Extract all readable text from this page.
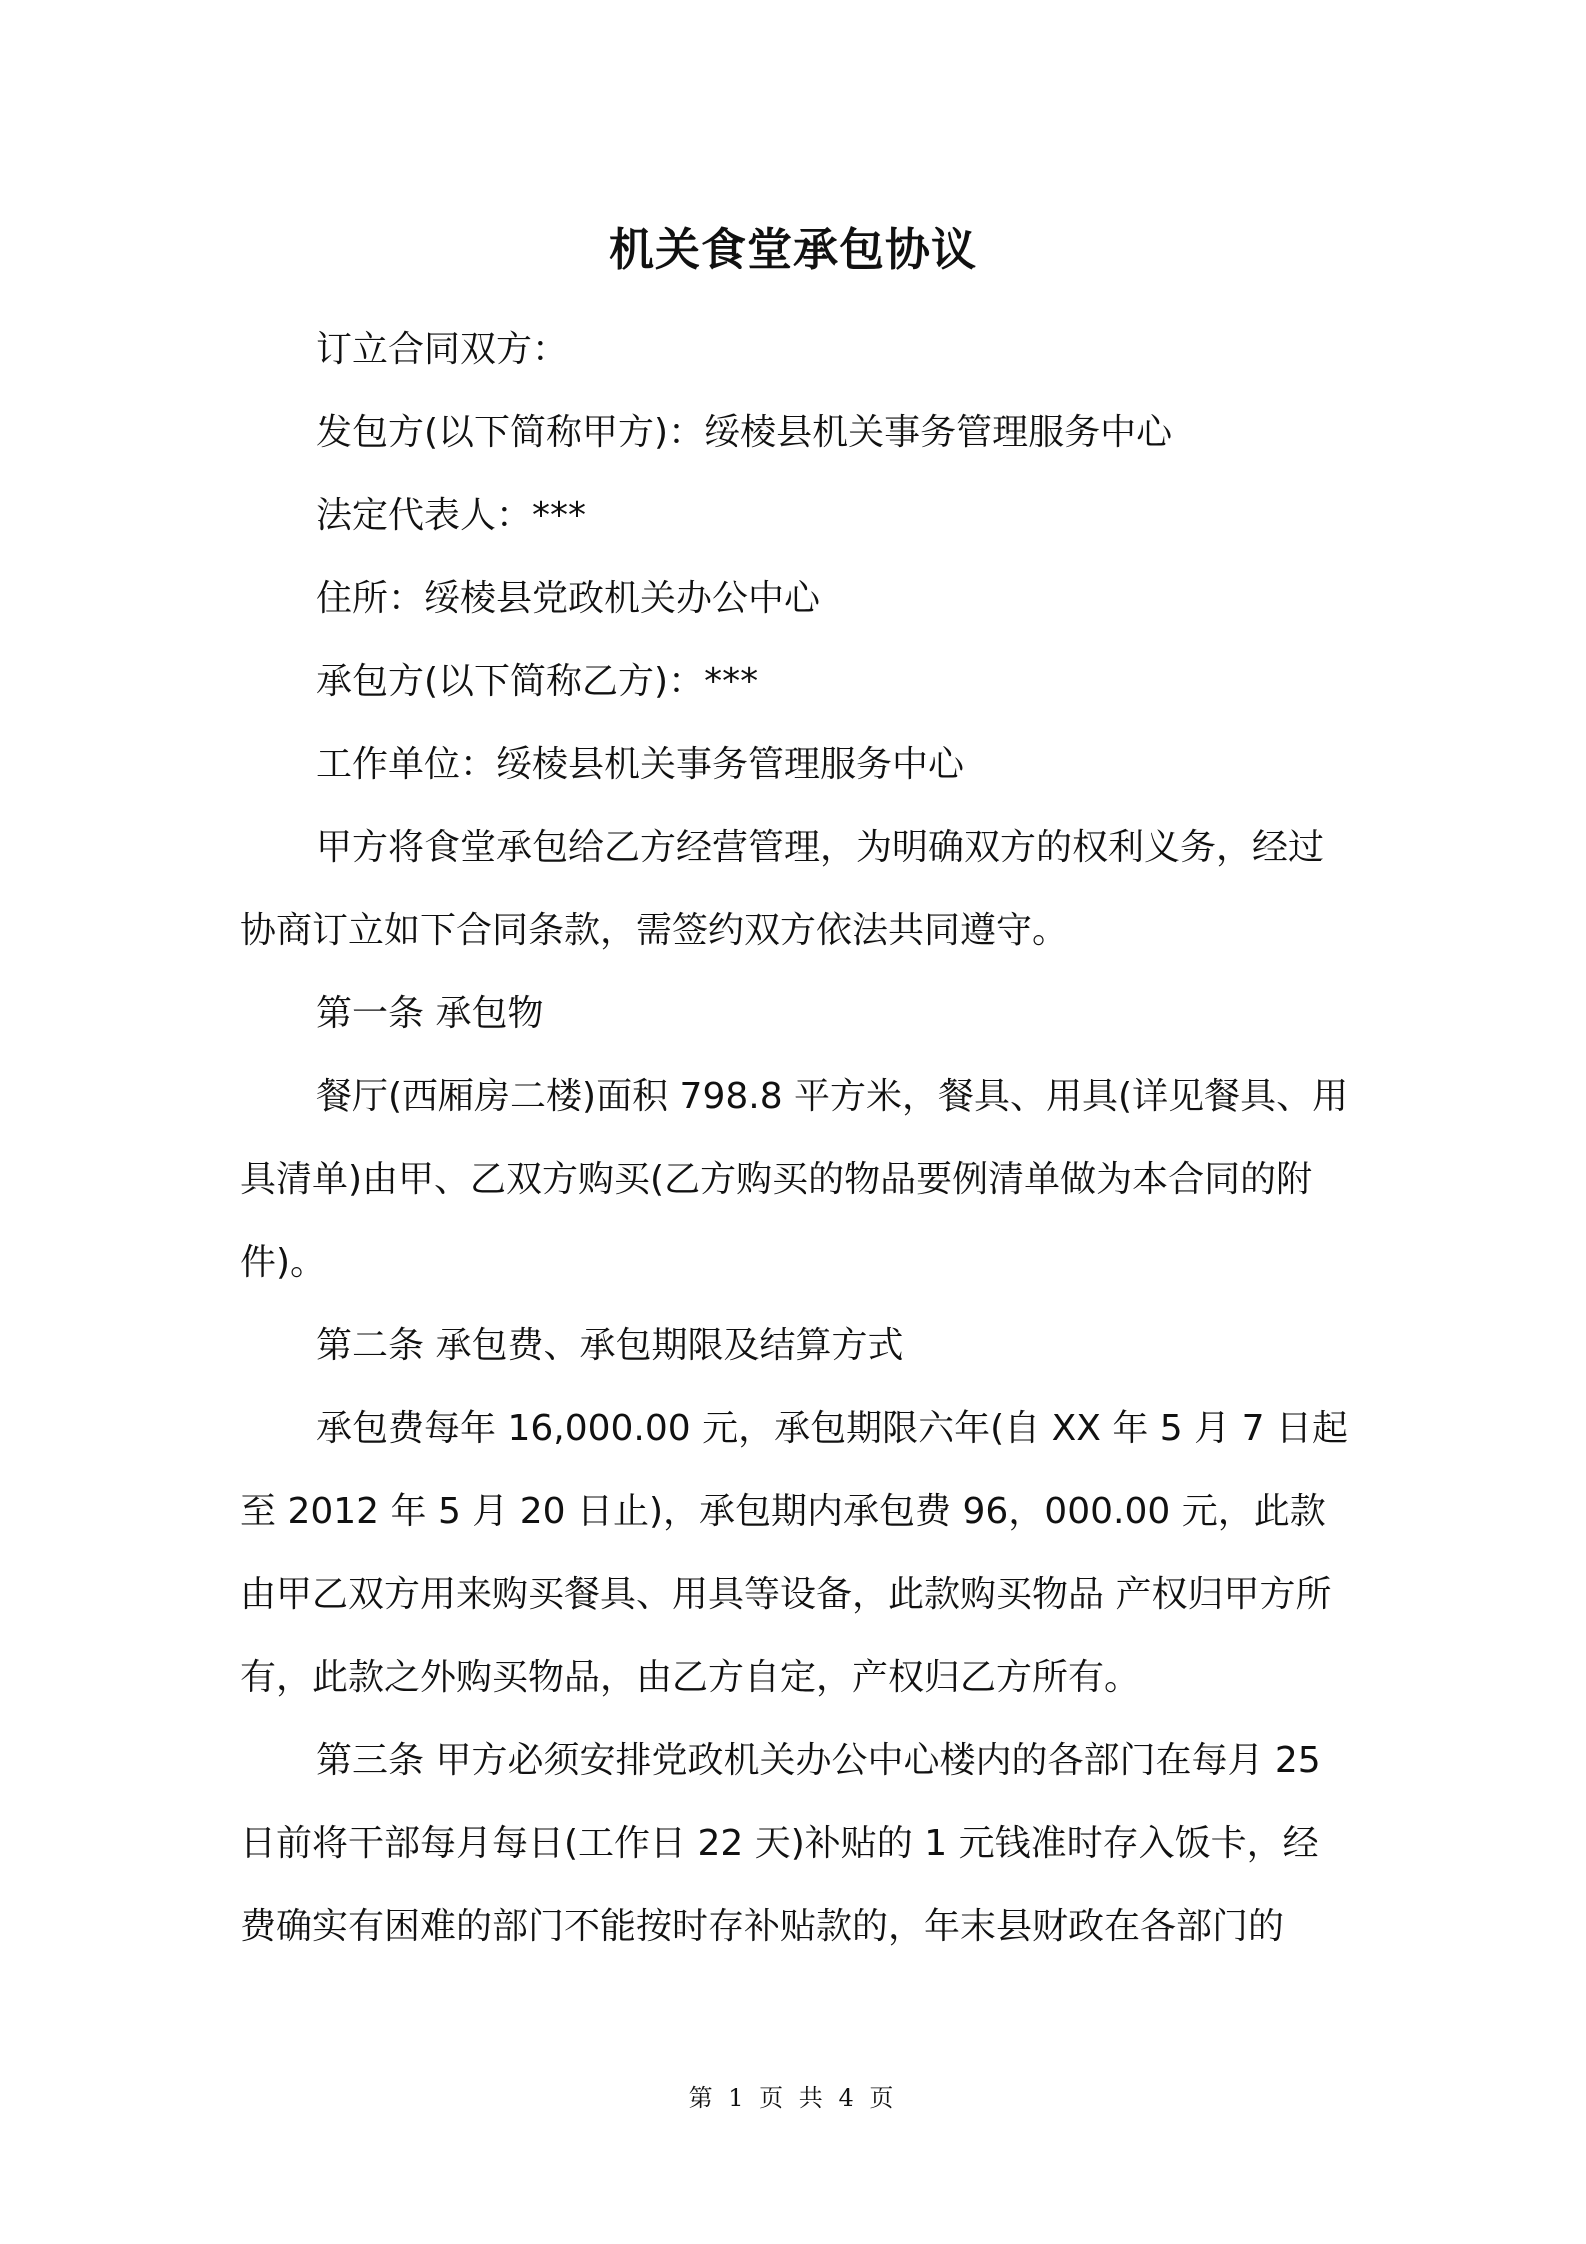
机关食堂承包协议

订立合同双方：

发包方(以下简称甲方)：绥棱县机关事务管理服务中心

法定代表人：***

住所：绥棱县党政机关办公中心

承包方(以下简称乙方)：***

工作单位：绥棱县机关事务管理服务中心

甲方将食堂承包给乙方经营管理，为明确双方的权利义务，经过协商订立如下合同条款，需签约双方依法共同遵守。

第一条 承包物

餐厅(西厢房二楼)面积 798.8 平方米，餐具、用具(详见餐具、用具清单)由甲、乙双方购买(乙方购买的物品要例清单做为本合同的附件)。

第二条 承包费、承包期限及结算方式

承包费每年 16,000.00 元，承包期限六年(自 XX 年 5 月 7 日起至 2012 年 5 月 20 日止)，承包期内承包费 96，000.00 元，此款由甲乙双方用来购买餐具、用具等设备，此款购买物品 产权归甲方所有，此款之外购买物品，由乙方自定，产权归乙方所有。

第三条 甲方必须安排党政机关办公中心楼内的各部门在每月 25 日前将干部每月每日(工作日 22 天)补贴的 1 元钱准时存入饭卡，经费确实有困难的部门不能按时存补贴款的，年末县财政在各部门的

第 1 页 共 4 页
